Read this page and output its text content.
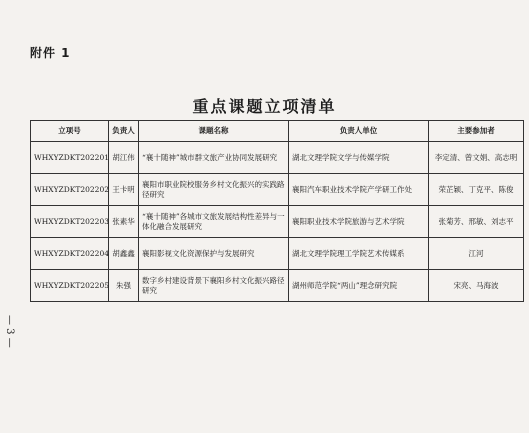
附件 1
重点课题立项清单
立项号	负责人	课题名称	负责人单位	主要参加者
WHXYZDKT202201	胡江伟	“襄十随神”城市群文旅产业协同发展研究	湖北文理学院文学与传媒学院	李定清、曾文娟、高志明
WHXYZDKT202202	王卡明	襄阳市职业院校服务乡村文化振兴的实践路径研究	襄阳汽车职业技术学院产学研工作处	荣芷颖、丁克平、陈俊
WHXYZDKT202203	张素华	“襄十随神”各城市文旅发展结构性差异与一体化融合发展研究	襄阳职业技术学院旅游与艺术学院	张菊芳、邢敏、刘志平
WHXYZDKT202204	胡鑫鑫	襄阳影视文化资源保护与发展研究	湖北文理学院理工学院艺术传媒系	江河
WHXYZDKT202205	朱强	数字乡村建设背景下襄阳乡村文化振兴路径研究	湖州师范学院“两山”理念研究院	宋亮、马海波
— 3 —
